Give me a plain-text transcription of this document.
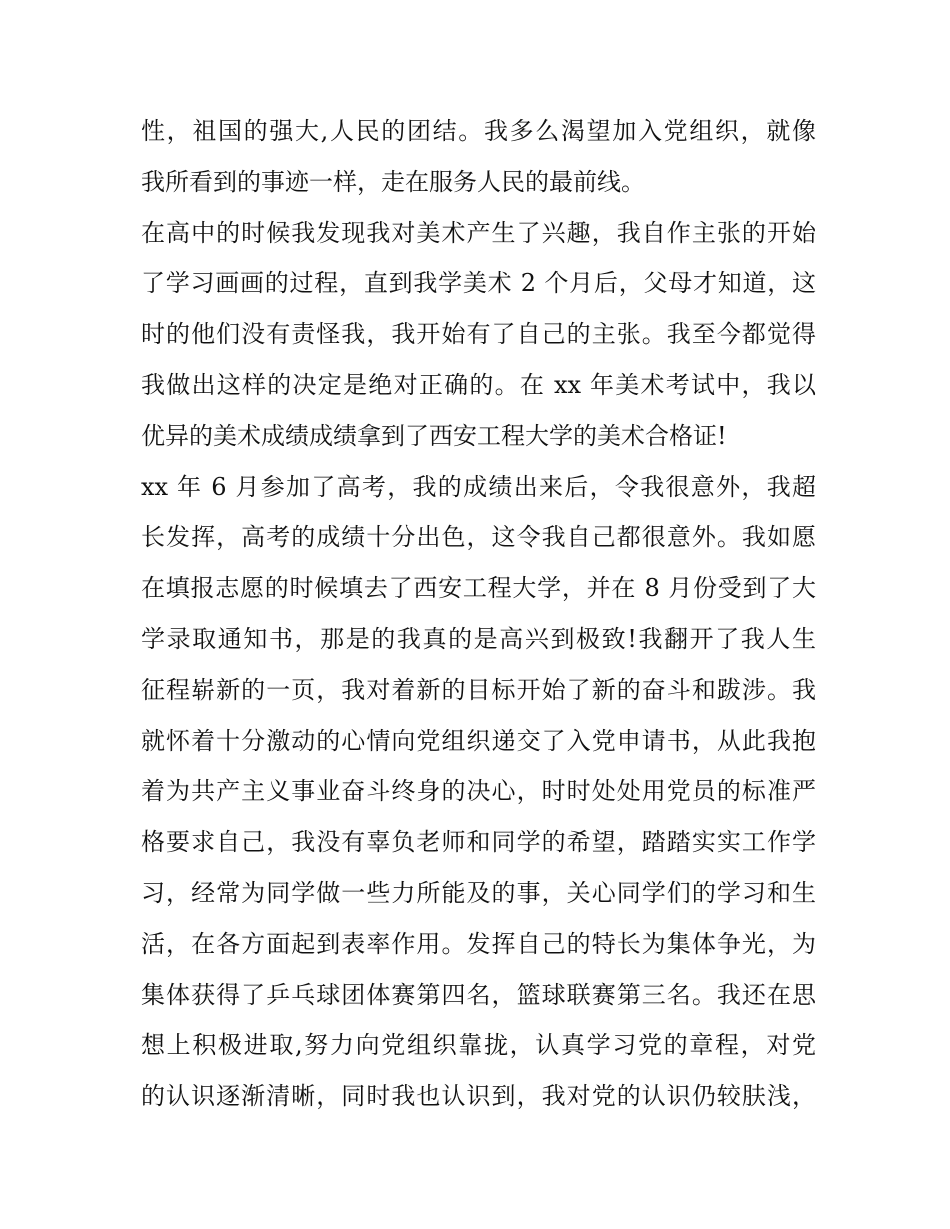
性，祖国的强大,人民的团结。我多么渴望加入党组织，就像
我所看到的事迹一样，走在服务人民的最前线。
在高中的时候我发现我对美术产生了兴趣，我自作主张的开始
了学习画画的过程，直到我学美术 2 个月后，父母才知道，这
时的他们没有责怪我，我开始有了自己的主张。我至今都觉得
我做出这样的决定是绝对正确的。在 xx 年美术考试中，我以
优异的美术成绩成绩拿到了西安工程大学的美术合格证!
xx 年 6 月参加了高考，我的成绩出来后，令我很意外，我超
长发挥，高考的成绩十分出色，这令我自己都很意外。我如愿
在填报志愿的时候填去了西安工程大学，并在 8 月份受到了大
学录取通知书，那是的我真的是高兴到极致!我翻开了我人生
征程崭新的一页，我对着新的目标开始了新的奋斗和跋涉。我
就怀着十分激动的心情向党组织递交了入党申请书，从此我抱
着为共产主义事业奋斗终身的决心，时时处处用党员的标准严
格要求自己，我没有辜负老师和同学的希望，踏踏实实工作学
习，经常为同学做一些力所能及的事，关心同学们的学习和生
活，在各方面起到表率作用。发挥自己的特长为集体争光，为
集体获得了乒乓球团体赛第四名，篮球联赛第三名。我还在思
想上积极进取,努力向党组织靠拢，认真学习党的章程，对党
的认识逐渐清晰，同时我也认识到，我对党的认识仍较肤浅，
